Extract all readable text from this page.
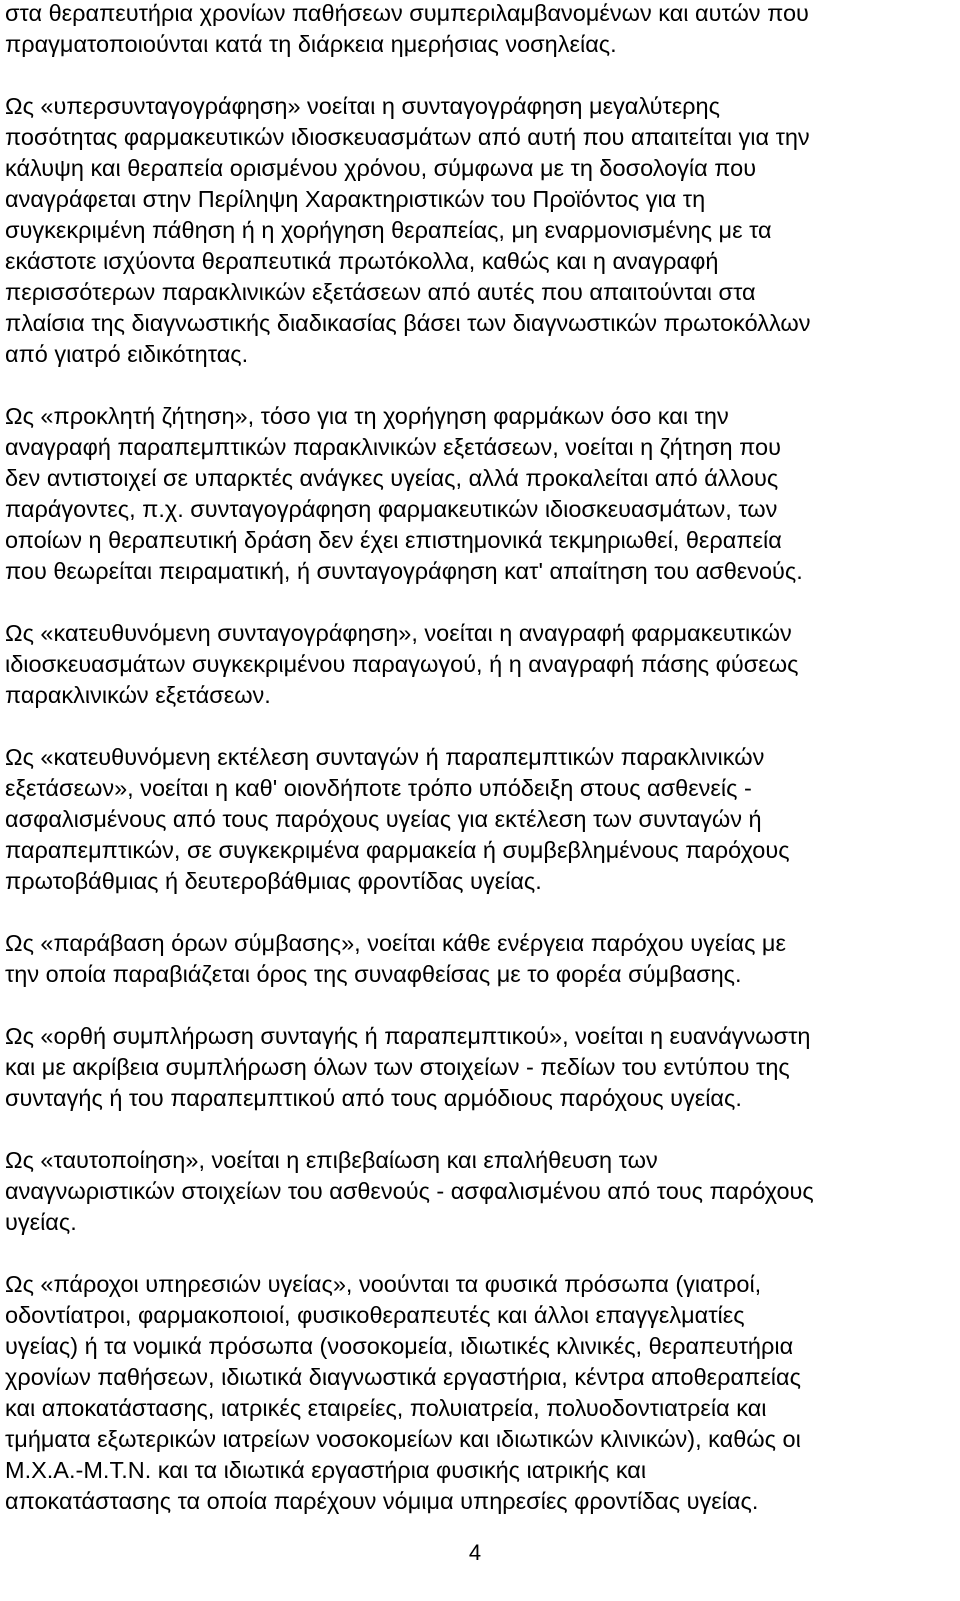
στα θεραπευτήρια χρονίων παθήσεων συμπεριλαμβανομένων και αυτών που
πραγματοποιούνται κατά τη διάρκεια ημερήσιας νοσηλείας.

Ως «υπερσυνταγογράφηση» νοείται η συνταγογράφηση μεγαλύτερης
ποσότητας φαρμακευτικών ιδιοσκευασμάτων από αυτή που απαιτείται για την
κάλυψη και θεραπεία ορισμένου χρόνου, σύμφωνα με τη δοσολογία που
αναγράφεται στην Περίληψη Χαρακτηριστικών του Προϊόντος για τη
συγκεκριμένη πάθηση ή η χορήγηση θεραπείας, μη εναρμονισμένης με τα
εκάστοτε ισχύοντα θεραπευτικά πρωτόκολλα, καθώς και η αναγραφή
περισσότερων παρακλινικών εξετάσεων από αυτές που απαιτούνται στα
πλαίσια της διαγνωστικής διαδικασίας βάσει των διαγνωστικών πρωτοκόλλων
από γιατρό ειδικότητας.

Ως «προκλητή ζήτηση», τόσο για τη χορήγηση φαρμάκων όσο και την
αναγραφή παραπεμπτικών παρακλινικών εξετάσεων, νοείται η ζήτηση που
δεν αντιστοιχεί σε υπαρκτές ανάγκες υγείας, αλλά προκαλείται από άλλους
παράγοντες, π.χ. συνταγογράφηση φαρμακευτικών ιδιοσκευασμάτων, των
οποίων η θεραπευτική δράση δεν έχει επιστημονικά τεκμηριωθεί, θεραπεία
που θεωρείται πειραματική, ή συνταγογράφηση κατ' απαίτηση του ασθενούς.

Ως «κατευθυνόμενη συνταγογράφηση», νοείται η αναγραφή φαρμακευτικών
ιδιοσκευασμάτων συγκεκριμένου παραγωγού, ή η αναγραφή πάσης φύσεως
παρακλινικών εξετάσεων.

Ως «κατευθυνόμενη εκτέλεση συνταγών ή παραπεμπτικών παρακλινικών
εξετάσεων», νοείται η καθ' οιονδήποτε τρόπο υπόδειξη στους ασθενείς -
ασφαλισμένους από τους παρόχους υγείας για εκτέλεση των συνταγών ή
παραπεμπτικών, σε συγκεκριμένα φαρμακεία ή συμβεβλημένους παρόχους
πρωτοβάθμιας ή δευτεροβάθμιας φροντίδας υγείας.

Ως «παράβαση όρων σύμβασης», νοείται κάθε ενέργεια παρόχου υγείας με
την οποία παραβιάζεται όρος της συναφθείσας με το φορέα σύμβασης.

Ως «ορθή συμπλήρωση συνταγής ή παραπεμπτικού», νοείται η ευανάγνωστη
και με ακρίβεια συμπλήρωση όλων των στοιχείων - πεδίων του εντύπου της
συνταγής ή του παραπεμπτικού από τους αρμόδιους παρόχους υγείας.

Ως «ταυτοποίηση», νοείται η επιβεβαίωση και επαλήθευση των
αναγνωριστικών στοιχείων του ασθενούς - ασφαλισμένου από τους παρόχους
υγείας.

Ως «πάροχοι υπηρεσιών υγείας», νοούνται τα φυσικά πρόσωπα (γιατροί,
οδοντίατροι, φαρμακοποιοί, φυσικοθεραπευτές και άλλοι επαγγελματίες
υγείας) ή τα νομικά πρόσωπα (νοσοκομεία, ιδιωτικές κλινικές, θεραπευτήρια
χρονίων παθήσεων, ιδιωτικά διαγνωστικά εργαστήρια, κέντρα αποθεραπείας
και αποκατάστασης, ιατρικές εταιρείες, πολυιατρεία, πολυοδοντιατρεία και
τμήματα εξωτερικών ιατρείων νοσοκομείων και ιδιωτικών κλινικών), καθώς οι
Μ.Χ.Α.-Μ.Τ.Ν. και τα ιδιωτικά εργαστήρια φυσικής ιατρικής και
αποκατάστασης τα οποία παρέχουν νόμιμα υπηρεσίες φροντίδας υγείας.

4
